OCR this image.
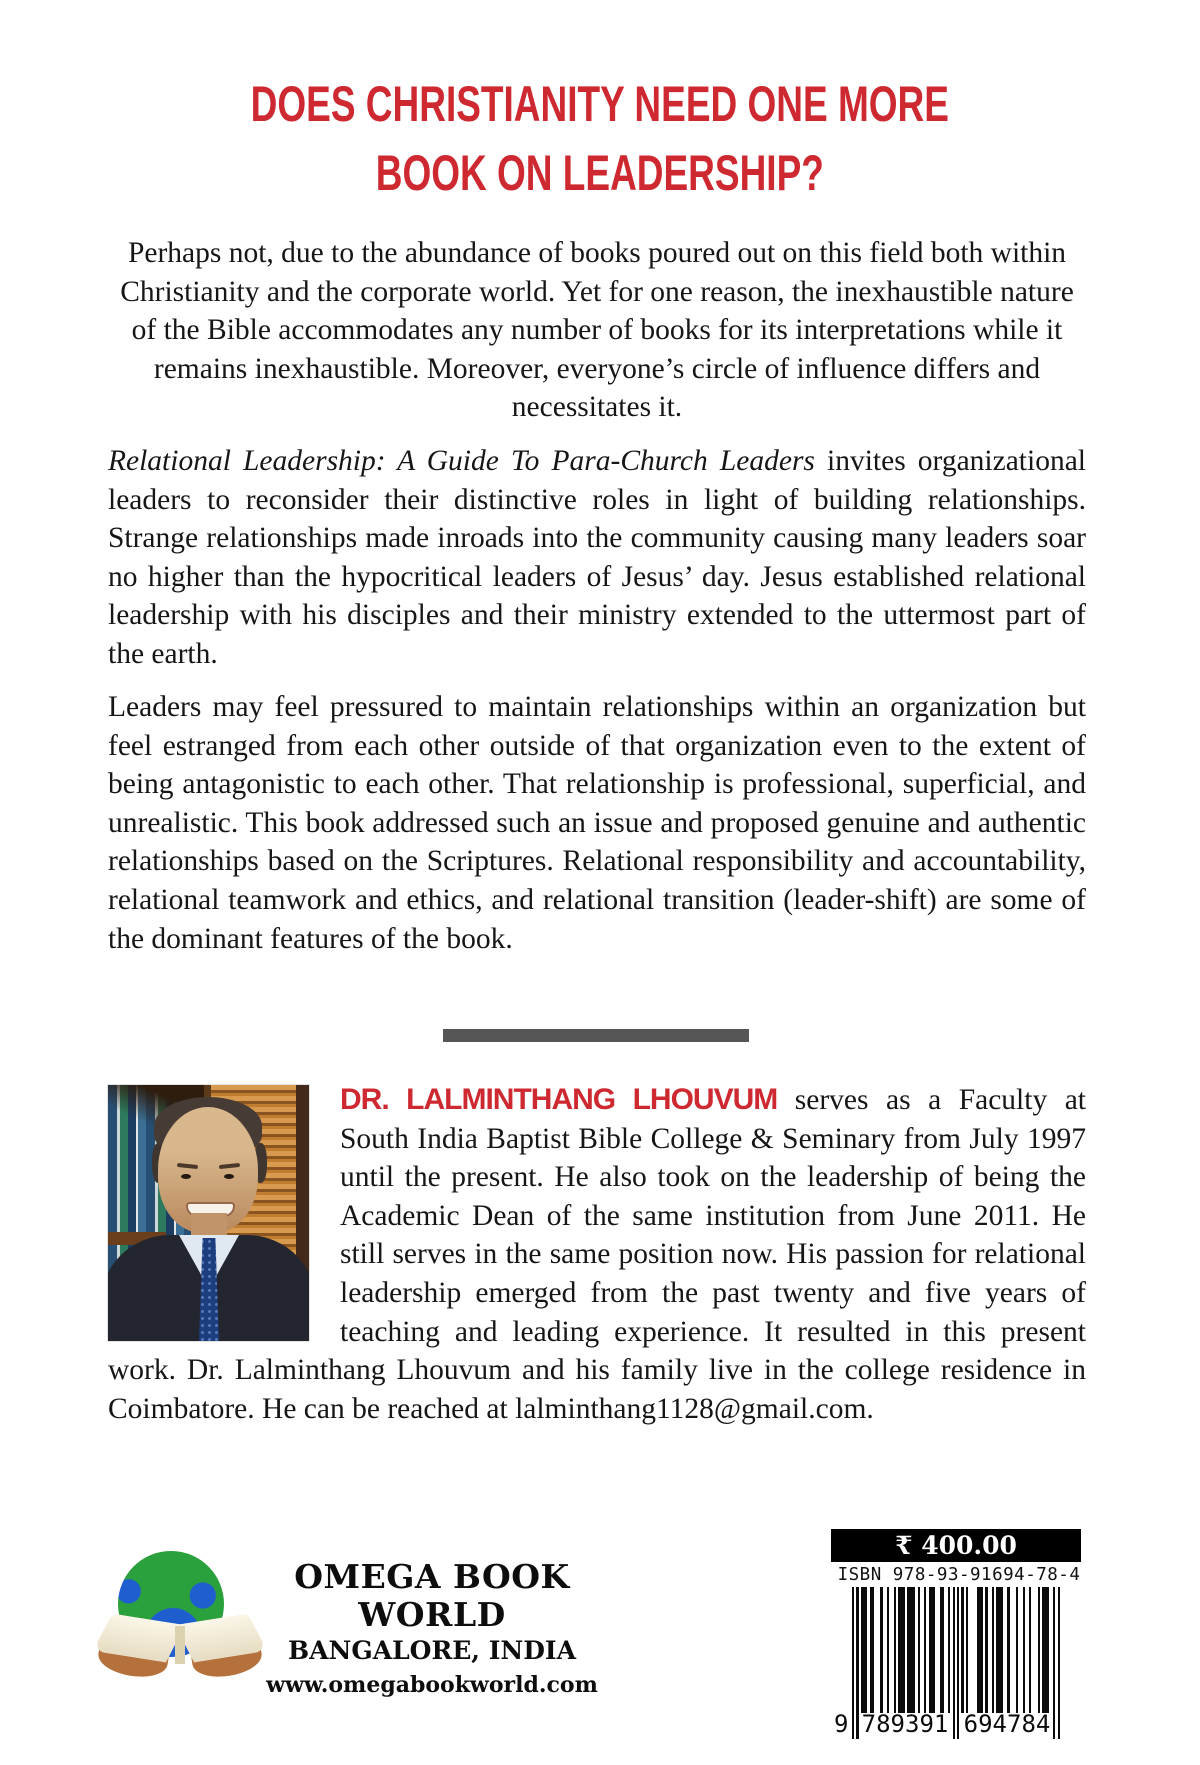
DOES CHRISTIANITY NEED ONE MORE
BOOK ON LEADERSHIP?

Perhaps not, due to the abundance of books poured out on this field both within Christianity and the corporate world. Yet for one reason, the inexhaustible nature of the Bible accommodates any number of books for its interpretations while it remains inexhaustible. Moreover, everyone’s circle of influence differs and necessitates it.

Relational Leadership: A Guide To Para-Church Leaders invites organizational leaders to reconsider their distinctive roles in light of building relationships. Strange relationships made inroads into the community causing many leaders soar no higher than the hypocritical leaders of Jesus’ day. Jesus established relational leadership with his disciples and their ministry extended to the uttermost part of the earth.

Leaders may feel pressured to maintain relationships within an organization but feel estranged from each other outside of that organization even to the extent of being antagonistic to each other. That relationship is professional, superficial, and unrealistic. This book addressed such an issue and proposed genuine and authentic relationships based on the Scriptures. Relational responsibility and accountability, relational teamwork and ethics, and relational transition (leader-shift) are some of the dominant features of the book.

DR. LALMINTHANG LHOUVUM serves as a Faculty at South India Baptist Bible College & Seminary from July 1997 until the present. He also took on the leadership of being the Academic Dean of the same institution from June 2011. He still serves in the same position now. His passion for relational leadership emerged from the past twenty and five years of teaching and leading experience. It resulted in this present work. Dr. Lalminthang Lhouvum and his family live in the college residence in Coimbatore. He can be reached at lalminthang1128@gmail.com.
OMEGA BOOK WORLD
BANGALORE, INDIA
www.omegabookworld.com
₹ 400.00
ISBN 978-93-91694-78-4
9 789391 694784
